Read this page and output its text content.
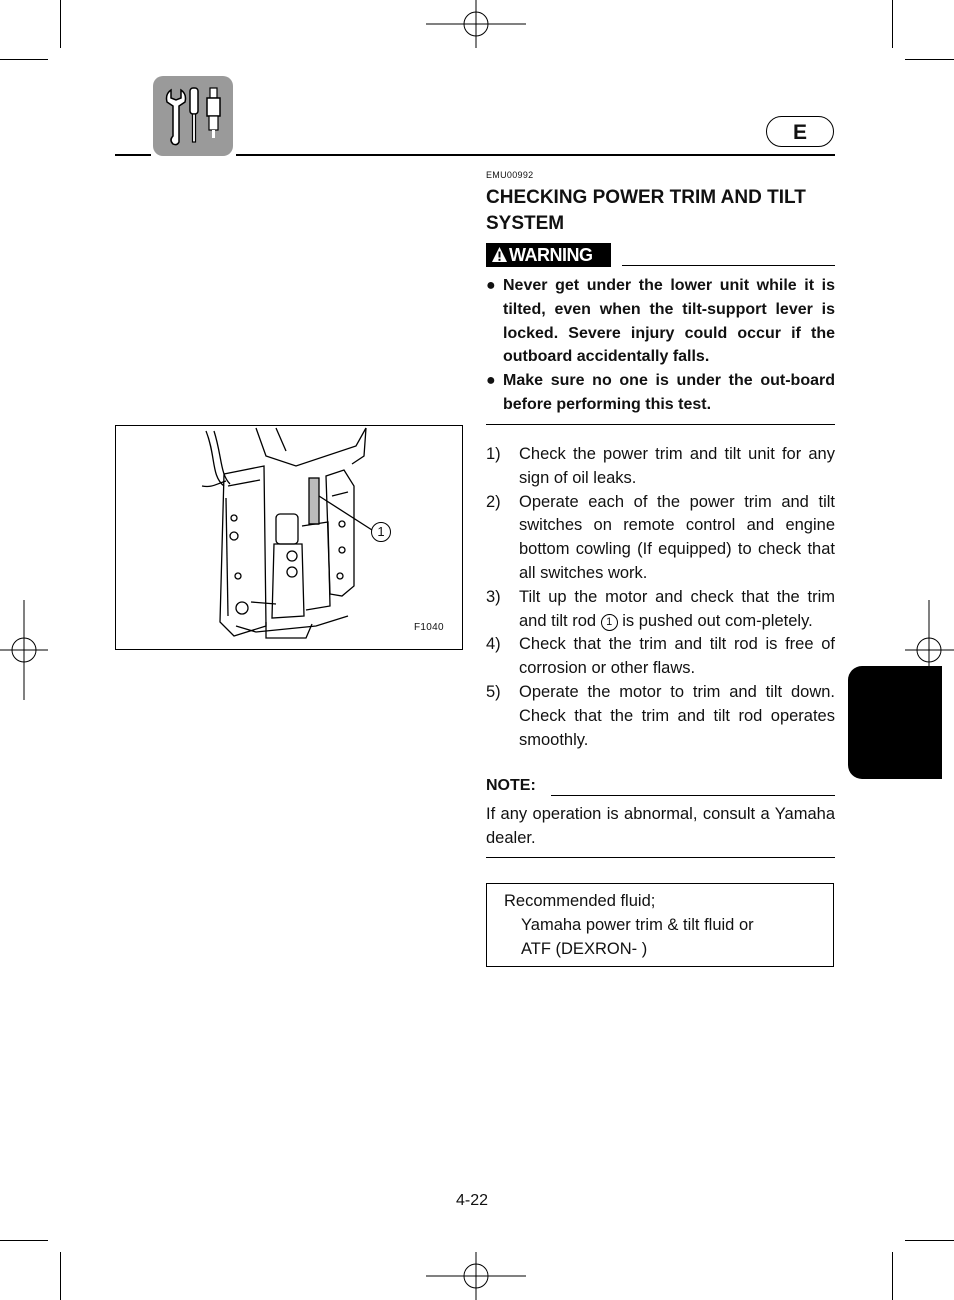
E
EMU00992
CHECKING POWER TRIM AND TILT SYSTEM
WARNING
● Never get under the lower unit while it is tilted, even when the tilt-support lever is locked. Severe injury could occur if the outboard accidentally falls.
● Make sure no one is under the out-board before performing this test.
1)	Check the power trim and tilt unit for any sign of oil leaks.
2)	Operate each of the power trim and tilt switches on remote control and engine bottom cowling (If equipped) to check that all switches work.
3)	Tilt up the motor and check that the trim and tilt rod 1 is pushed out com-pletely.
4)	Check that the trim and tilt rod is free of corrosion or other flaws.
5)	Operate the motor to trim and tilt down. Check that the trim and tilt rod operates smoothly.
NOTE:
If any operation is abnormal, consult a Yamaha dealer.
Recommended fluid;
Yamaha power trim & tilt fluid or
ATF (DEXRON- )
1
F1040
4-22
